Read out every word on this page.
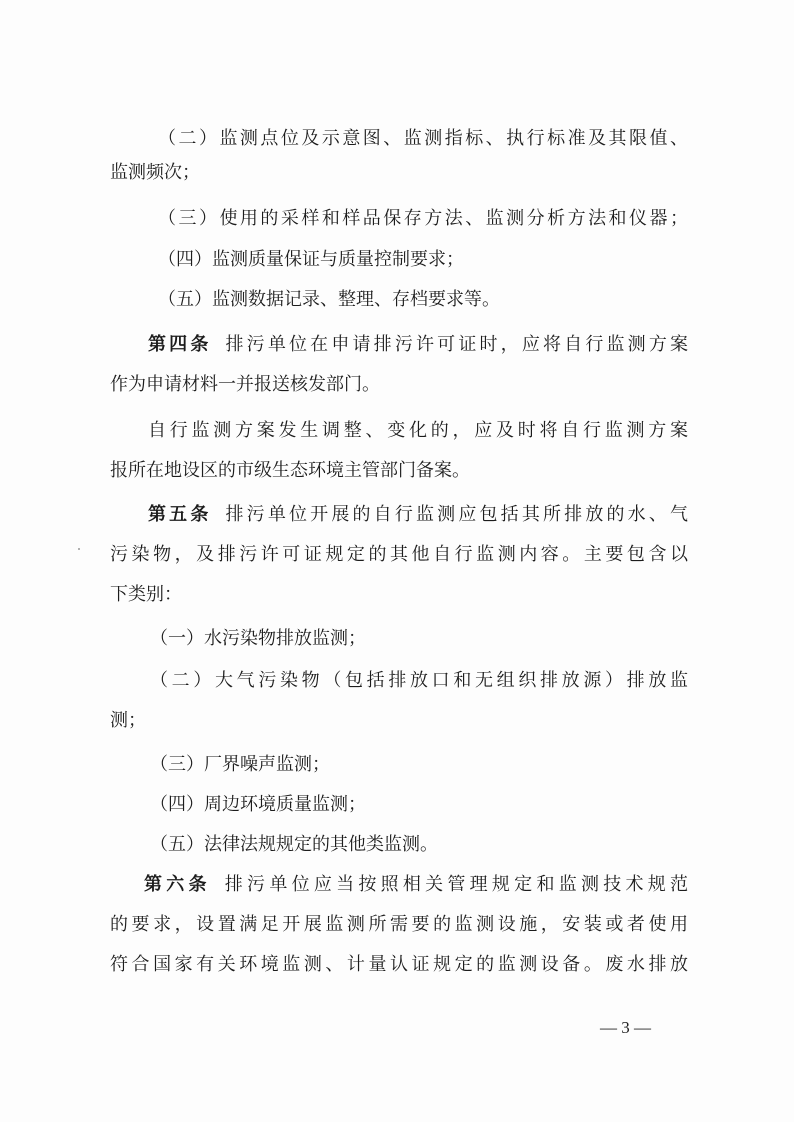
（二）监测点位及示意图、监测指标、执行标准及其限值、
监测频次；
（三）使用的采样和样品保存方法、监测分析方法和仪器；
（四）监测质量保证与质量控制要求；
（五）监测数据记录、整理、存档要求等。
第四条 排污单位在申请排污许可证时，应将自行监测方案
作为申请材料一并报送核发部门。
自行监测方案发生调整、变化的，应及时将自行监测方案
报所在地设区的市级生态环境主管部门备案。
第五条 排污单位开展的自行监测应包括其所排放的水、气
污染物，及排污许可证规定的其他自行监测内容。主要包含以
下类别：
（一）水污染物排放监测；
（二）大气污染物（包括排放口和无组织排放源）排放监
测；
（三）厂界噪声监测；
（四）周边环境质量监测；
（五）法律法规规定的其他类监测。
第六条 排污单位应当按照相关管理规定和监测技术规范
的要求，设置满足开展监测所需要的监测设施，安装或者使用
符合国家有关环境监测、计量认证规定的监测设备。废水排放
— 3 —
